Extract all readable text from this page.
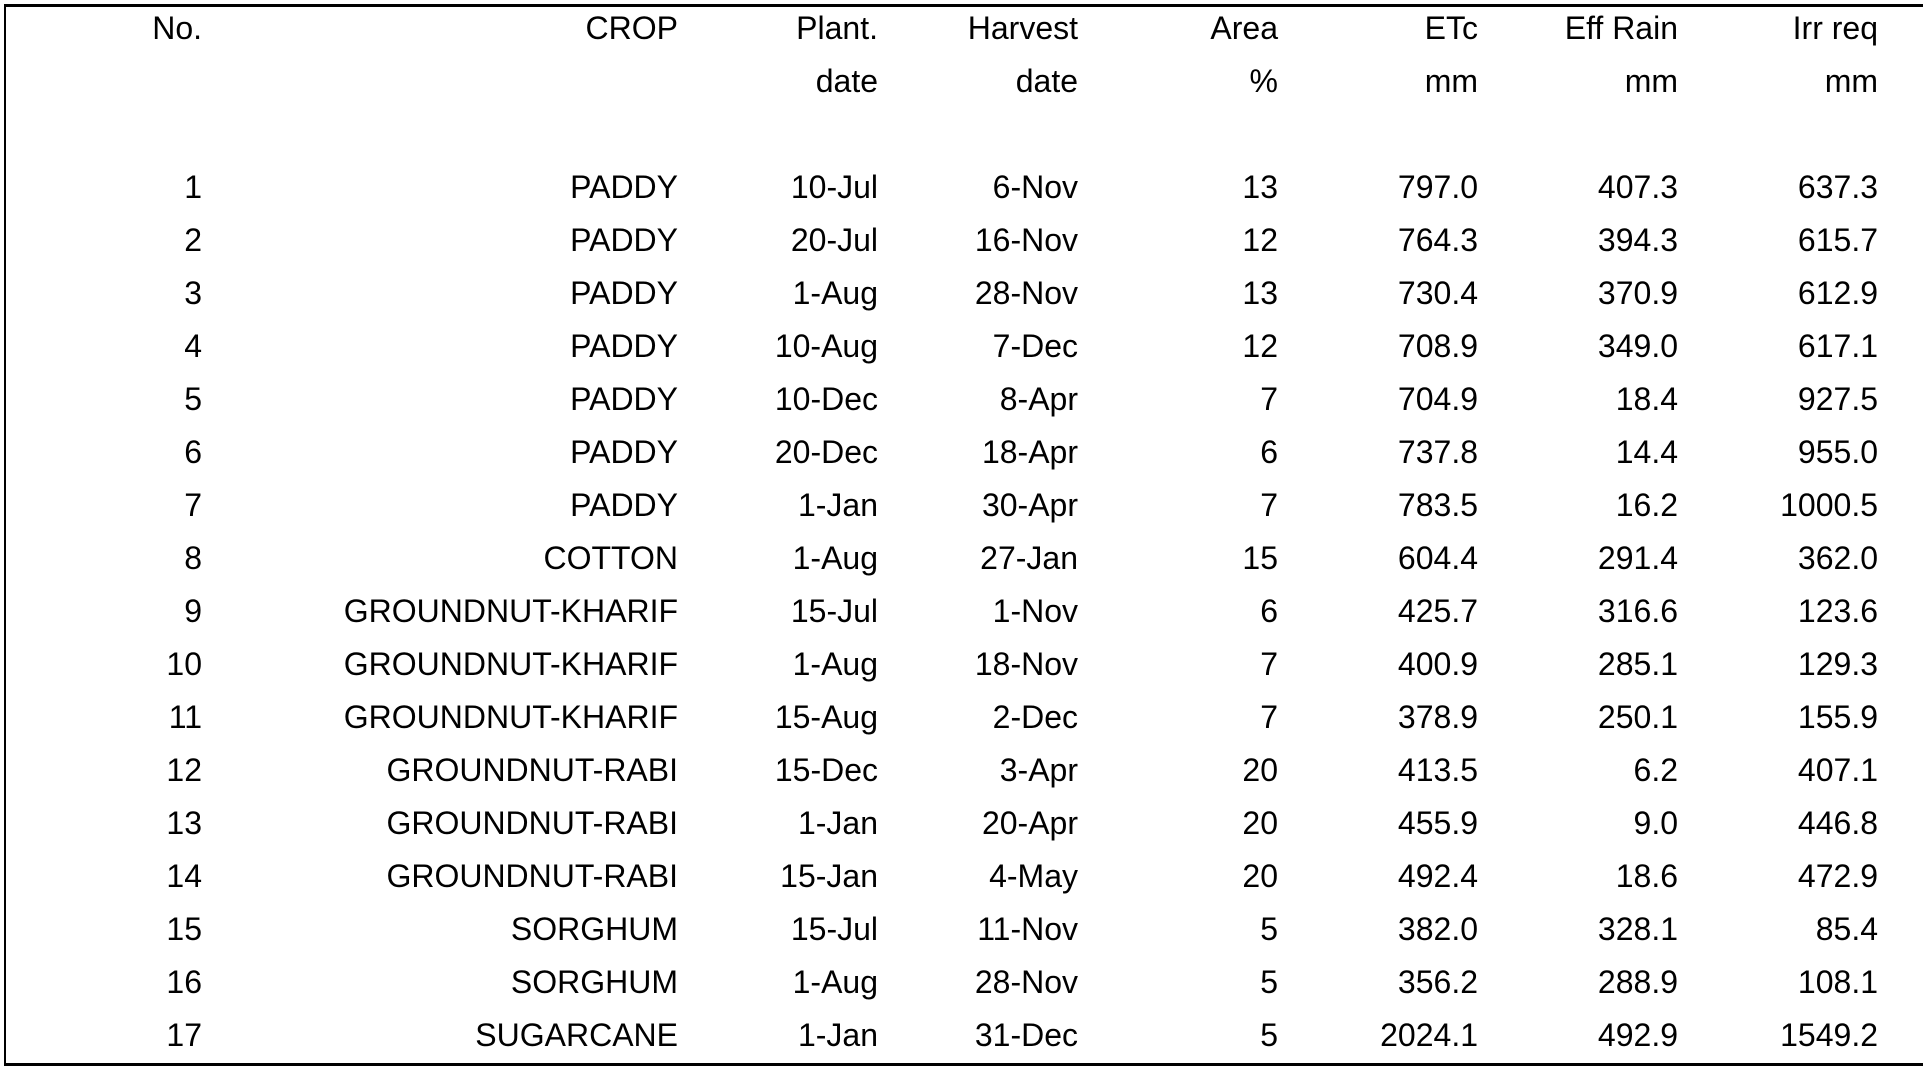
No.	CROP	Plant.	Harvest	Area	ETc	Eff Rain	Irr req
		date	date	%	mm	mm	mm

1	PADDY	10-Jul	6-Nov	13	797.0	407.3	637.3
2	PADDY	20-Jul	16-Nov	12	764.3	394.3	615.7
3	PADDY	1-Aug	28-Nov	13	730.4	370.9	612.9
4	PADDY	10-Aug	7-Dec	12	708.9	349.0	617.1
5	PADDY	10-Dec	8-Apr	7	704.9	18.4	927.5
6	PADDY	20-Dec	18-Apr	6	737.8	14.4	955.0
7	PADDY	1-Jan	30-Apr	7	783.5	16.2	1000.5
8	COTTON	1-Aug	27-Jan	15	604.4	291.4	362.0
9	GROUNDNUT-KHARIF	15-Jul	1-Nov	6	425.7	316.6	123.6
10	GROUNDNUT-KHARIF	1-Aug	18-Nov	7	400.9	285.1	129.3
11	GROUNDNUT-KHARIF	15-Aug	2-Dec	7	378.9	250.1	155.9
12	GROUNDNUT-RABI	15-Dec	3-Apr	20	413.5	6.2	407.1
13	GROUNDNUT-RABI	1-Jan	20-Apr	20	455.9	9.0	446.8
14	GROUNDNUT-RABI	15-Jan	4-May	20	492.4	18.6	472.9
15	SORGHUM	15-Jul	11-Nov	5	382.0	328.1	85.4
16	SORGHUM	1-Aug	28-Nov	5	356.2	288.9	108.1
17	SUGARCANE	1-Jan	31-Dec	5	2024.1	492.9	1549.2
